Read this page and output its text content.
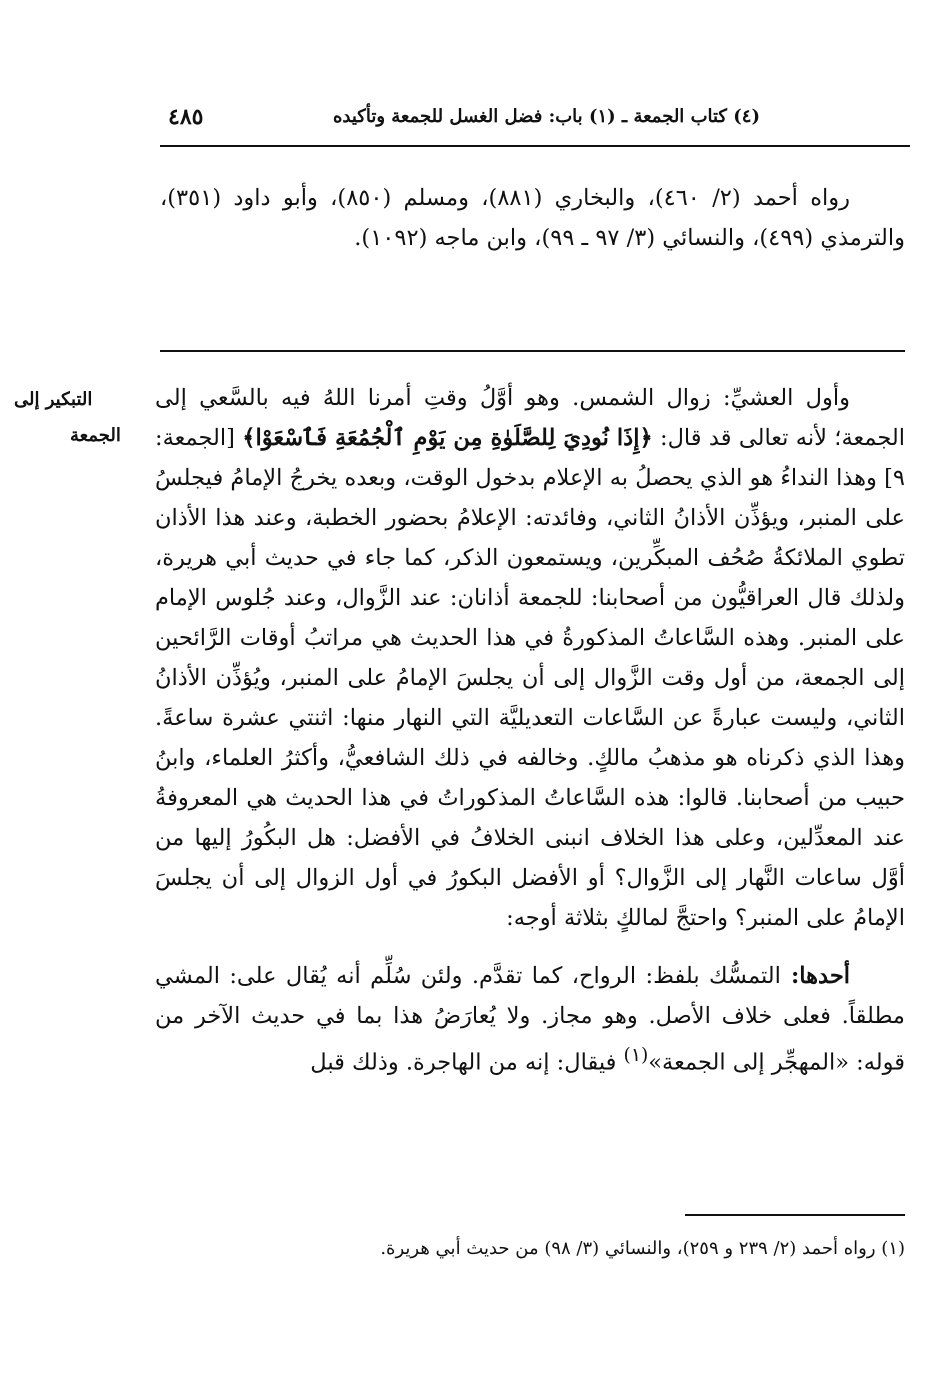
٤٨٥	(٤) كتاب الجمعة ـ (١) باب: فضل الغسل للجمعة وتأكيده

رواه أحمد (٢/ ٤٦٠)، والبخاري (٨٨١)، ومسلم (٨٥٠)، وأبو داود (٣٥١)، والترمذي (٤٩٩)، والنسائي (٣/ ٩٧ ـ ٩٩)، وابن ماجه (١٠٩٢).

التبكير إلى
الجمعة

وأول العشيِّ: زوال الشمس. وهو أوَّلُ وقتِ أمرنا اللهُ فيه بالسَّعي إلى الجمعة؛ لأنه تعالى قد قال: ﴿إِذَا نُودِيَ لِلصَّلَوٰةِ مِن يَوْمِ ٱلْجُمُعَةِ فَٱسْعَوْا﴾ [الجمعة: ٩] وهذا النداءُ هو الذي يحصلُ به الإعلام بدخول الوقت، وبعده يخرجُ الإمامُ فيجلسُ على المنبر، ويؤذِّن الأذانُ الثاني، وفائدته: الإعلامُ بحضور الخطبة، وعند هذا الأذان تطوي الملائكةُ صُحُف المبكِّرين، ويستمعون الذكر، كما جاء في حديث أبي هريرة، ولذلك قال العراقيُّون من أصحابنا: للجمعة أذانان: عند الزَّوال، وعند جُلوس الإمام على المنبر. وهذه السَّاعاتُ المذكورةُ في هذا الحديث هي مراتبُ أوقات الرَّائحين إلى الجمعة، من أول وقت الزَّوال إلى أن يجلسَ الإمامُ على المنبر، ويُؤذِّن الأذانُ الثاني، وليست عبارةً عن السَّاعات التعديليَّة التي النهار منها: اثنتي عشرة ساعةً. وهذا الذي ذكرناه هو مذهبُ مالكٍ. وخالفه في ذلك الشافعيُّ، وأكثرُ العلماء، وابنُ حبيب من أصحابنا. قالوا: هذه السَّاعاتُ المذكوراتُ في هذا الحديث هي المعروفةُ عند المعدِّلين، وعلى هذا الخلاف انبنى الخلافُ في الأفضل: هل البكُورُ إليها من أوَّل ساعات النَّهار إلى الزَّوال؟ أو الأفضل البكورُ في أول الزوال إلى أن يجلسَ الإمامُ على المنبر؟ واحتجَّ لمالكٍ بثلاثة أوجه:

أحدها: التمسُّك بلفظ: الرواح، كما تقدَّم. ولئن سُلِّم أنه يُقال على: المشي مطلقاً. فعلى خلاف الأصل. وهو مجاز. ولا يُعارَضُ هذا بما في حديث الآخر من قوله: «المهجِّر إلى الجمعة»$^{(١)}$ فيقال: إنه من الهاجرة. وذلك قبل

(١) رواه أحمد (٢/ ٢٣٩ و ٢٥٩)، والنسائي (٣/ ٩٨) من حديث أبي هريرة.
